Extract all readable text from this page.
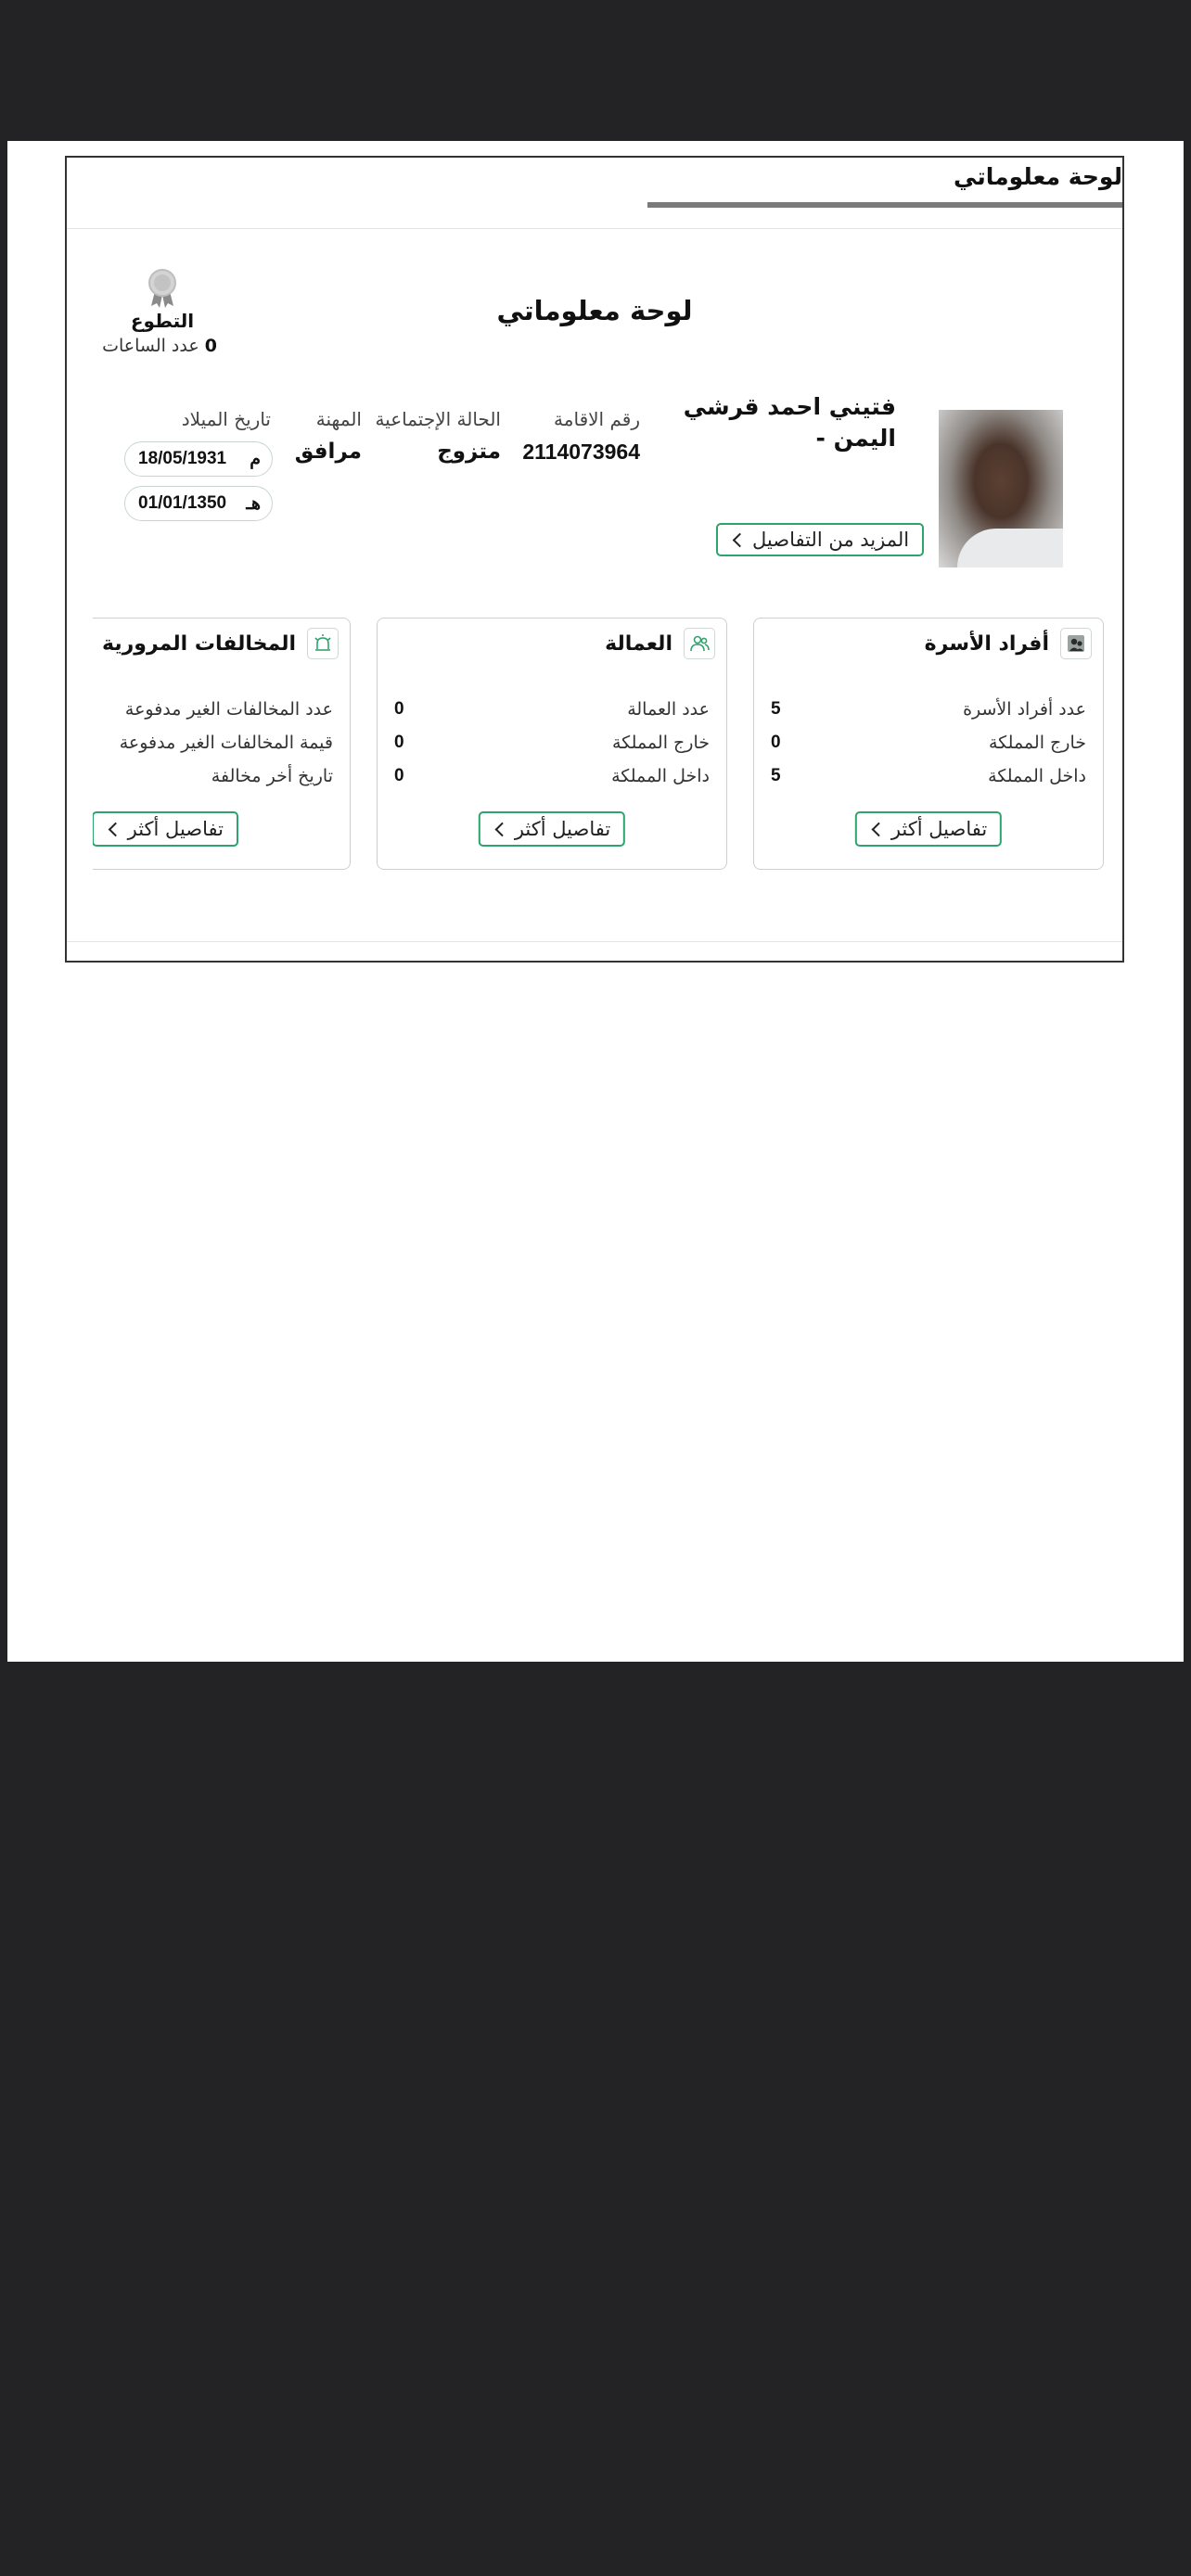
لوحة معلوماتي
لوحة معلوماتي
التطوع
0 عدد الساعات
فتيني احمد قرشي
اليمن -
المزيد من التفاصيل
رقم الاقامة
2114073964
الحالة الإجتماعية
متزوج
المهنة
مرافق
تاريخ الميلاد
18/05/1931 م
01/01/1350 هـ
أفراد الأسرة
عدد أفراد الأسرة
5
خارج المملكة
0
داخل المملكة
5
تفاصيل أكثر
العمالة
عدد العمالة
0
خارج المملكة
0
داخل المملكة
0
تفاصيل أكثر
المخالفات المرورية
عدد المخالفات الغير مدفوعة
قيمة المخالفات الغير مدفوعة
تاريخ أخر مخالفة
تفاصيل أكثر
